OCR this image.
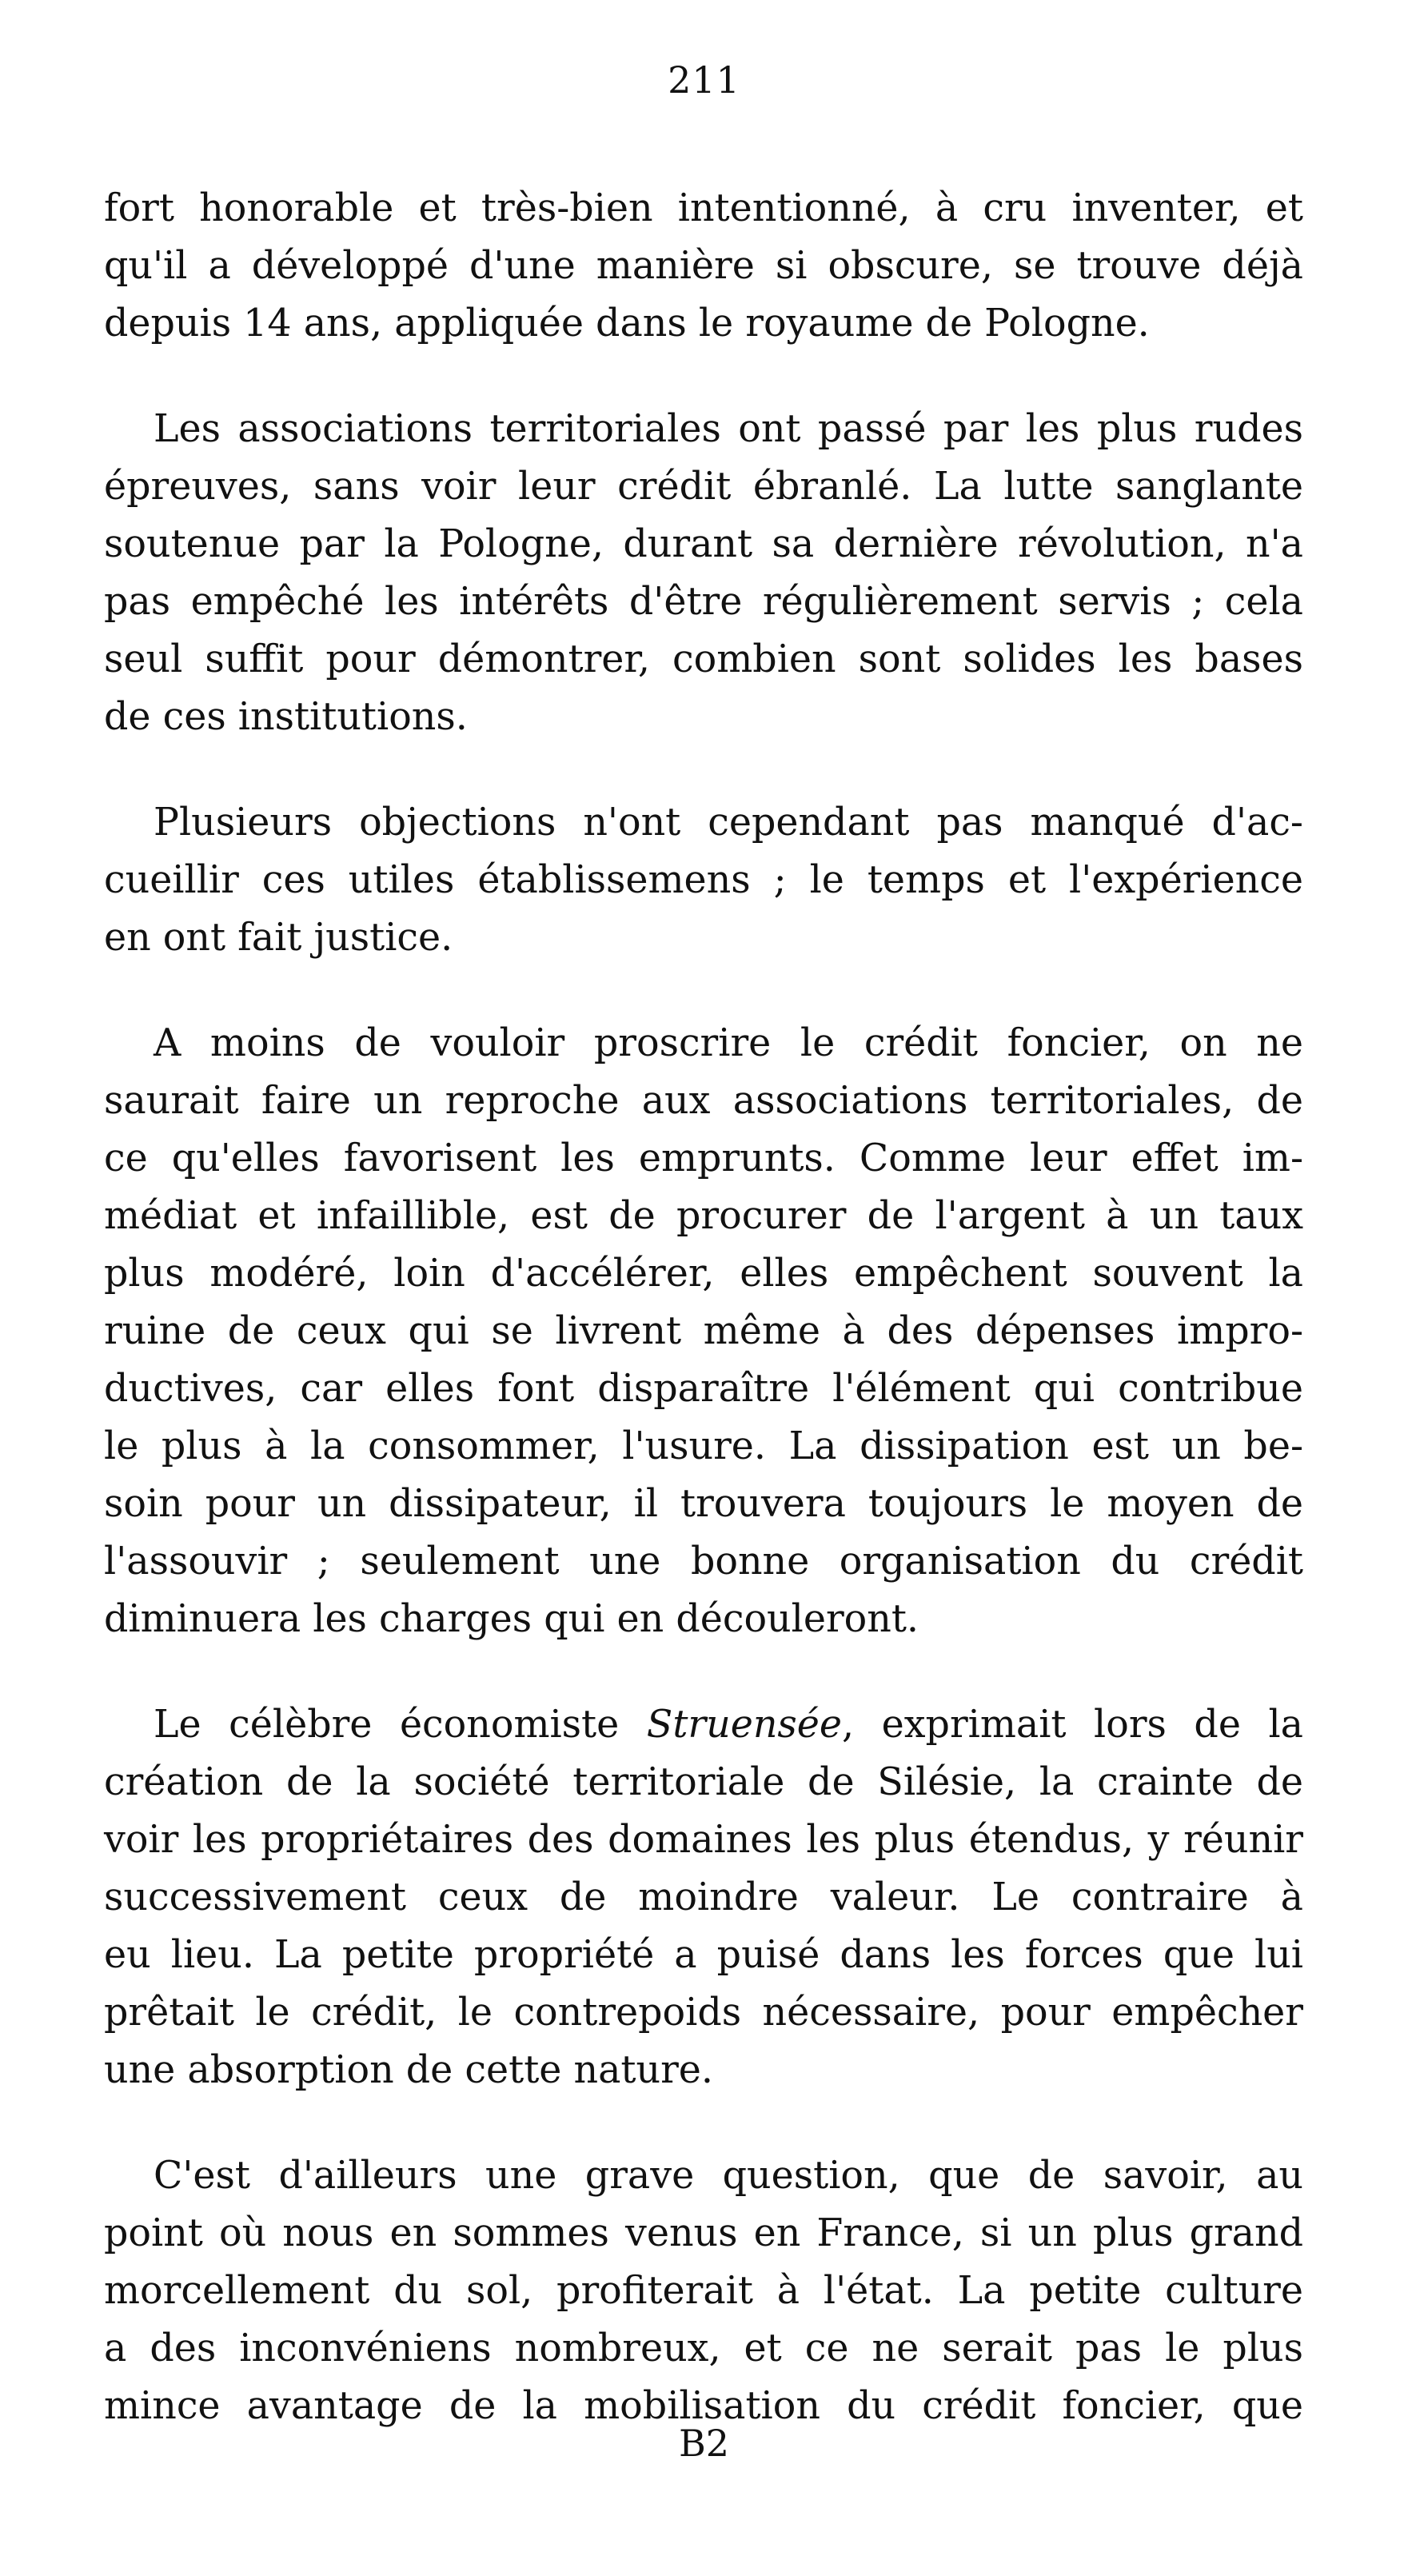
211
fort honorable et très-bien intentionné, à cru inventer, et
qu'il a développé d'une manière si obscure, se trouve déjà
depuis 14 ans, appliquée dans le royaume de Pologne.
Les associations territoriales ont passé par les plus rudes
épreuves, sans voir leur crédit ébranlé. La lutte sanglante
soutenue par la Pologne, durant sa dernière révolution, n'a
pas empêché les intérêts d'être régulièrement servis ; cela
seul suffit pour démontrer, combien sont solides les bases
de ces institutions.
Plusieurs objections n'ont cependant pas manqué d'ac-
cueillir ces utiles établissemens ; le temps et l'expérience
en ont fait justice.
A moins de vouloir proscrire le crédit foncier, on ne
saurait faire un reproche aux associations territoriales, de
ce qu'elles favorisent les emprunts. Comme leur effet im-
médiat et infaillible, est de procurer de l'argent à un taux
plus modéré, loin d'accélérer, elles empêchent souvent la
ruine de ceux qui se livrent même à des dépenses impro-
ductives, car elles font disparaître l'élément qui contribue
le plus à la consommer, l'usure. La dissipation est un be-
soin pour un dissipateur, il trouvera toujours le moyen de
l'assouvir ; seulement une bonne organisation du crédit
diminuera les charges qui en découleront.
Le célèbre économiste Struensée, exprimait lors de la
création de la société territoriale de Silésie, la crainte de
voir les propriétaires des domaines les plus étendus, y réunir
successivement ceux de moindre valeur. Le contraire à
eu lieu. La petite propriété a puisé dans les forces que lui
prêtait le crédit, le contrepoids nécessaire, pour empêcher
une absorption de cette nature.
C'est d'ailleurs une grave question, que de savoir, au
point où nous en sommes venus en France, si un plus grand
morcellement du sol, profiterait à l'état. La petite culture
a des inconvéniens nombreux, et ce ne serait pas le plus
mince avantage de la mobilisation du crédit foncier, que
B2
